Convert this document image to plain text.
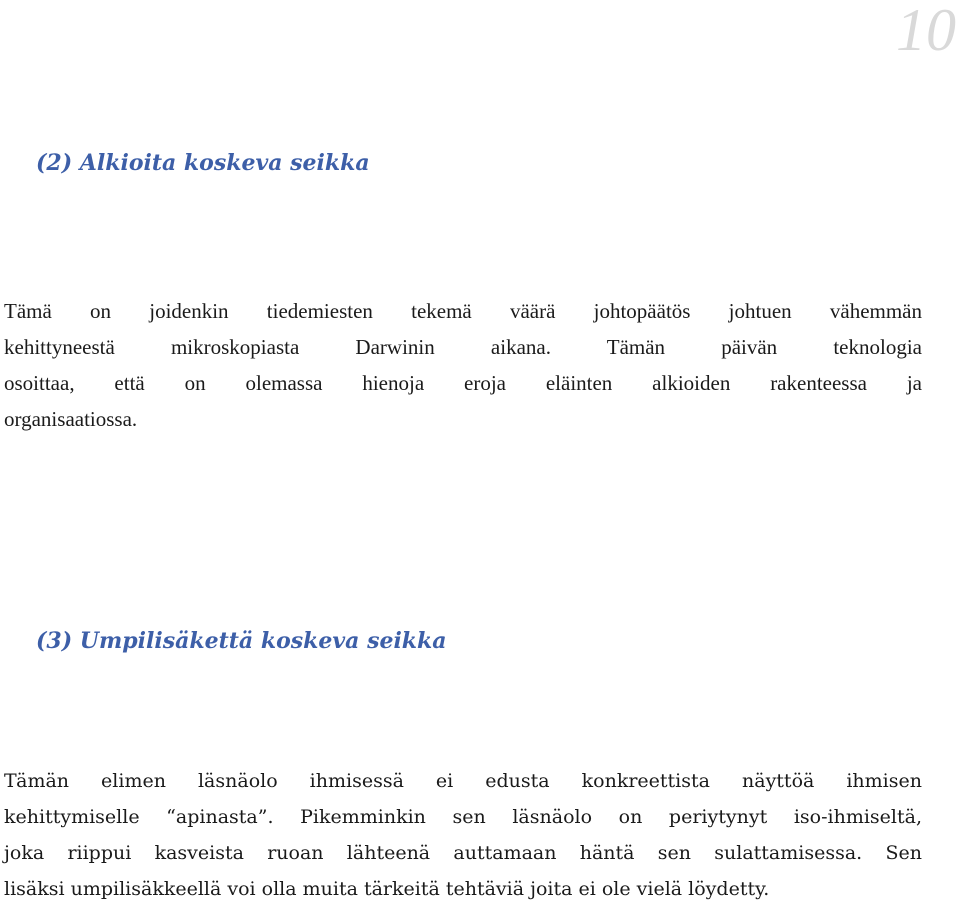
10
(2) Alkioita koskeva seikka

Tämä on joidenkin tiedemiesten tekemä väärä johtopäätös johtuen vähemmän
kehittyneestä mikroskopiasta Darwinin aikana. Tämän päivän teknologia
osoittaa, että on olemassa hienoja eroja eläinten alkioiden rakenteessa ja
organisaatiossa.

(3) Umpilisäkettä koskeva seikka

Tämän elimen läsnäolo ihmisessä ei edusta konkreettista näyttöä ihmisen
kehittymiselle “apinasta”. Pikemminkin sen läsnäolo on periytynyt iso-ihmiseltä,
joka riippui kasveista ruoan lähteenä auttamaan häntä sen sulattamisessa. Sen
lisäksi umpilisäkkeellä voi olla muita tärkeitä tehtäviä joita ei ole vielä löydetty.
